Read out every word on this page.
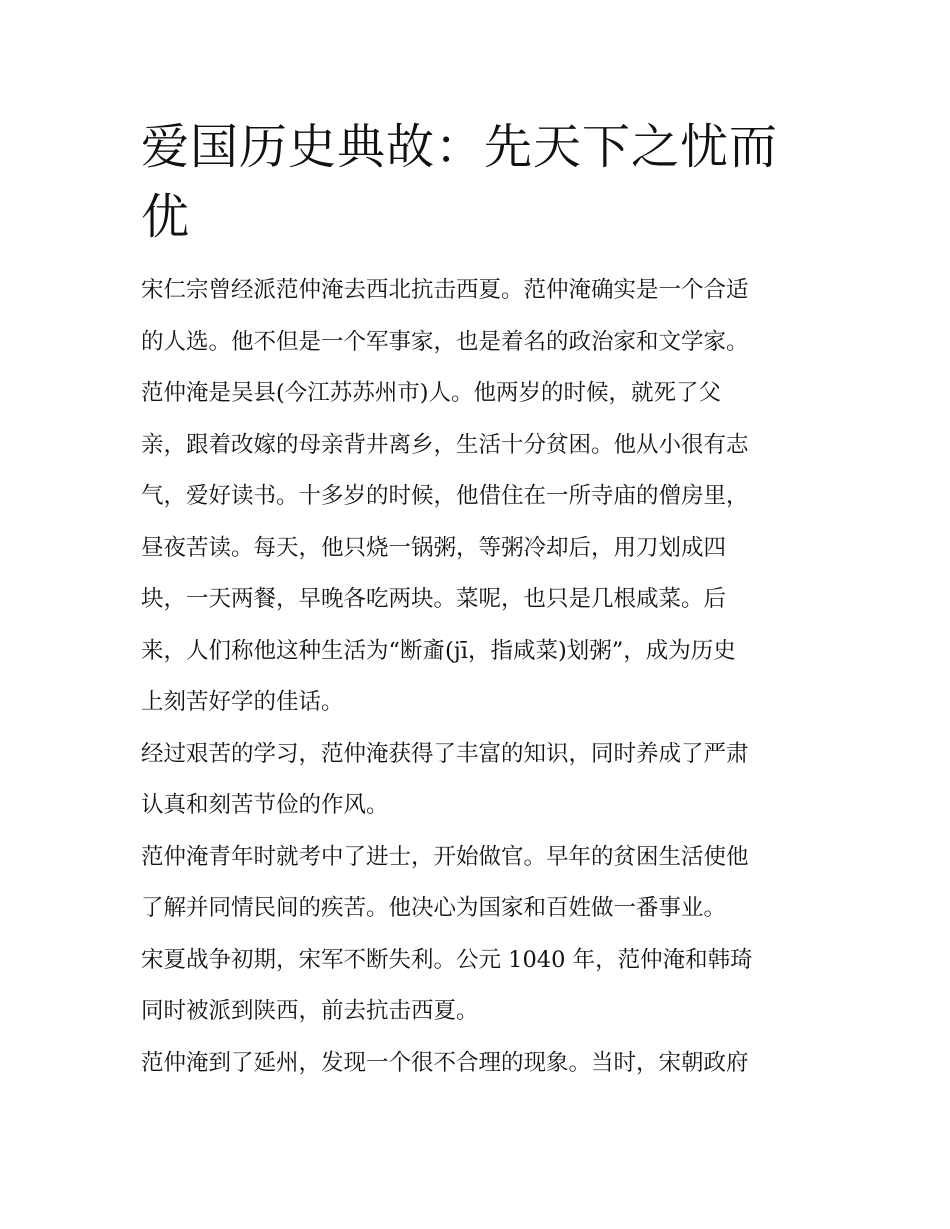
爱国历史典故：先天下之忧而
优
宋仁宗曾经派范仲淹去西北抗击西夏。范仲淹确实是一个合适
的人选。他不但是一个军事家，也是着名的政治家和文学家。
范仲淹是吴县(今江苏苏州市)人。他两岁的时候，就死了父
亲，跟着改嫁的母亲背井离乡，生活十分贫困。他从小很有志
气，爱好读书。十多岁的时候，他借住在一所寺庙的僧房里，
昼夜苦读。每天，他只烧一锅粥，等粥冷却后，用刀划成四
块，一天两餐，早晚各吃两块。菜呢，也只是几根咸菜。后
来，人们称他这种生活为“断齑(jī，指咸菜)划粥”，成为历史
上刻苦好学的佳话。
经过艰苦的学习，范仲淹获得了丰富的知识，同时养成了严肃
认真和刻苦节俭的作风。
范仲淹青年时就考中了进士，开始做官。早年的贫困生活使他
了解并同情民间的疾苦。他决心为国家和百姓做一番事业。
宋夏战争初期，宋军不断失利。公元 1040 年，范仲淹和韩琦
同时被派到陕西，前去抗击西夏。
范仲淹到了延州，发现一个很不合理的现象。当时，宋朝政府
